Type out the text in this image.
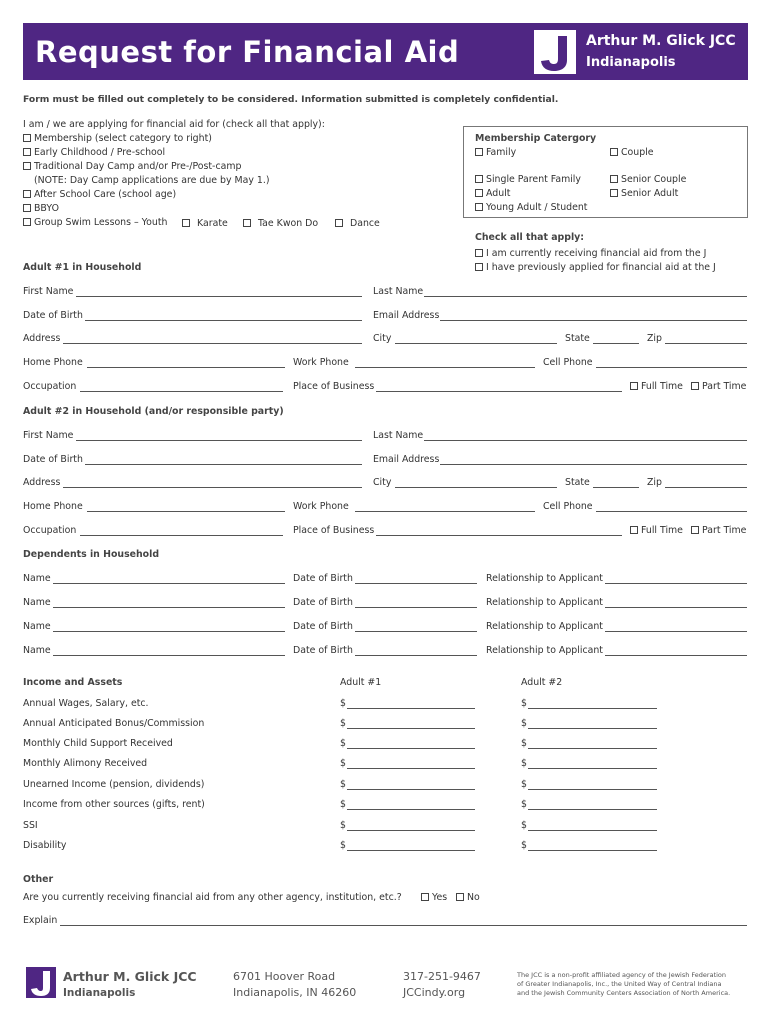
Request for Financial Aid	Arthur M. Glick JCC
Indianapolis
Form must be filled out completely to be considered. Information submitted is completely confidential.
I am / we are applying for financial aid for (check all that apply):
Membership (select category to right)
Early Childhood / Pre-school
Traditional Day Camp and/or Pre-/Post-camp
(NOTE: Day Camp applications are due by May 1.)
After School Care (school age)
BBYO
Group Swim Lessons – Youth	Karate	Tae Kwon Do	Dance
Membership Catergory
Family	Couple
Single Parent Family	Senior Couple
Adult	Senior Adult
Young Adult / Student
Check all that apply:
I am currently receiving financial aid from the J
I have previously applied for financial aid at the J
Adult #1 in Household
First Name	Last Name
Date of Birth	Email Address
Address	City	State	Zip
Home Phone	Work Phone	Cell Phone
Occupation	Place of Business	Full Time	Part Time
Adult #2 in Household (and/or responsible party)
First Name	Last Name
Date of Birth	Email Address
Address	City	State	Zip
Home Phone	Work Phone	Cell Phone
Occupation	Place of Business	Full Time	Part Time
Dependents in Household
Name	Date of Birth	Relationship to Applicant
Name	Date of Birth	Relationship to Applicant
Name	Date of Birth	Relationship to Applicant
Name	Date of Birth	Relationship to Applicant
Income and Assets	Adult #1	Adult #2
Annual Wages, Salary, etc.	$	$
Annual Anticipated Bonus/Commission	$	$
Monthly Child Support Received	$	$
Monthly Alimony Received	$	$
Unearned Income (pension, dividends)	$	$
Income from other sources (gifts, rent)	$	$
SSI	$	$
Disability	$	$
Other
Are you currently receiving financial aid from any other agency, institution, etc.?	Yes	No
Explain
Arthur M. Glick JCC
Indianapolis
6701 Hoover Road
Indianapolis, IN 46260
317-251-9467
JCCindy.org
The JCC is a non-profit affiliated agency of the Jewish Federation
of Greater Indianapolis, Inc., the United Way of Central Indiana
and the Jewish Community Centers Association of North America.
